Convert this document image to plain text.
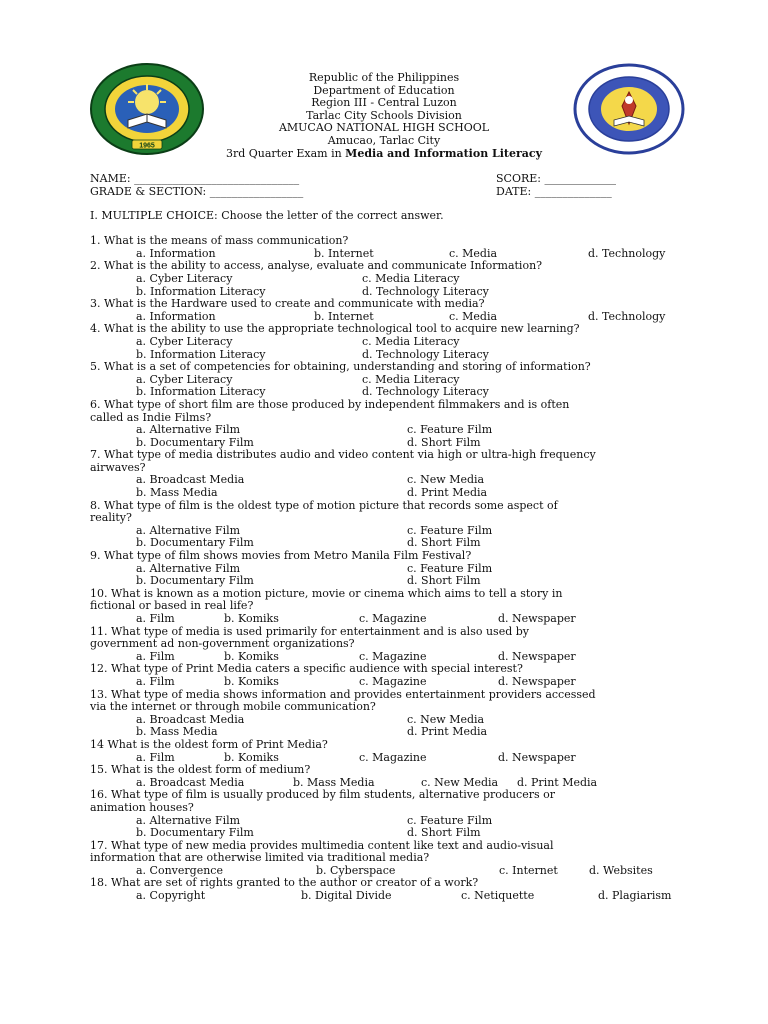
1965
Republic of the Philippines
Department of Education
Region III - Central Luzon
Tarlac City Schools Division
AMUCAO NATIONAL HIGH SCHOOL
Amucao, Tarlac City
3rd Quarter Exam in Media and Information Literacy
NAME: ______________________________	SCORE: _____________
GRADE & SECTION: _________________	DATE: ______________
I. MULTIPLE CHOICE: Choose the letter of the correct answer.
1. What is the means of mass communication?
a. Information	b. Internet	c. Media	d. Technology
2. What is the ability to access, analyse, evaluate and communicate Information?
a. Cyber Literacy	c. Media Literacy
b. Information Literacy	d. Technology Literacy
3. What is the Hardware used to create and communicate with media?
a. Information	b. Internet	c. Media	d. Technology
4. What is the ability to use the appropriate technological tool to acquire new learning?
a. Cyber Literacy	c. Media Literacy
b. Information Literacy	d. Technology Literacy
5. What is a set of competencies for obtaining, understanding and storing of information?
a. Cyber Literacy	c. Media Literacy
b. Information Literacy	d. Technology Literacy
6. What type of short film are those produced by independent filmmakers and is often
called as Indie Films?
a. Alternative Film	c. Feature Film
b. Documentary Film	d. Short Film
7. What type of media distributes audio and video content via high or ultra-high frequency
airwaves?
a. Broadcast Media	c. New Media
b. Mass Media	d. Print Media
8. What type of film is the oldest type of motion picture that records some aspect of
reality?
a. Alternative Film	c. Feature Film
b. Documentary Film	d. Short Film
9. What type of film shows movies from Metro Manila Film Festival?
a. Alternative Film	c. Feature Film
b. Documentary Film	d. Short Film
10. What is known as a motion picture, movie or cinema which aims to tell a story in
fictional or based in real life?
a. Film	b. Komiks	c. Magazine	d. Newspaper
11. What type of media is used primarily for entertainment and is also used by
government ad non-government organizations?
a. Film	b. Komiks	c. Magazine	d. Newspaper
12. What type of Print Media caters a specific audience with special interest?
a. Film	b. Komiks	c. Magazine	d. Newspaper
13. What type of media shows information and provides entertainment providers accessed
via the internet or through mobile communication?
a. Broadcast Media	c. New Media
b. Mass Media	d. Print Media
14 What is the oldest form of Print Media?
a. Film	b. Komiks	c. Magazine	d. Newspaper
15. What is the oldest form of medium?
a. Broadcast Media	b. Mass Media	c. New Media	d. Print Media
16. What type of film is usually produced by film students, alternative producers or
animation houses?
a. Alternative Film	c. Feature Film
b. Documentary Film	d. Short Film
17. What type of new media provides multimedia content like text and audio-visual
information that are otherwise limited via traditional media?
a. Convergence	b. Cyberspace	c. Internet	d. Websites
18. What are set of rights granted to the author or creator of a work?
a. Copyright	b. Digital Divide	c. Netiquette	d. Plagiarism
